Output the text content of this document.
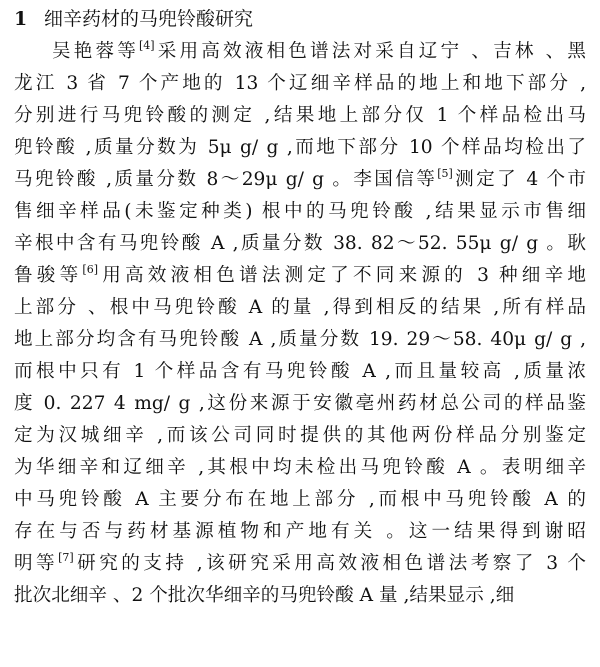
1 细辛药材的马兜铃酸研究
吴艳蓉等[4]采用高效液相色谱法对采自辽宁 、吉林 、黑
龙江 3 省 7 个产地的 13 个辽细辛样品的地上和地下部分 ,
分别进行马兜铃酸的测定 ,结果地上部分仅 1 个样品检出马
兜铃酸 ,质量分数为 5μ g/ g ,而地下部分 10 个样品均检出了
马兜铃酸 ,质量分数 8～29μ g/ g 。李国信等[5]测定了 4 个市
售细辛样品(未鉴定种类) 根中的马兜铃酸 ,结果显示市售细
辛根中含有马兜铃酸 A ,质量分数 38. 82～52. 55μ g/ g 。耿
鲁骏等[6]用高效液相色谱法测定了不同来源的 3 种细辛地
上部分 、根中马兜铃酸 A 的量 ,得到相反的结果 ,所有样品
地上部分均含有马兜铃酸 A ,质量分数 19. 29～58. 40μ g/ g ,
而根中只有 1 个样品含有马兜铃酸 A ,而且量较高 ,质量浓
度 0. 227 4 mg/ g ,这份来源于安徽亳州药材总公司的样品鉴
定为汉城细辛 ,而该公司同时提供的其他两份样品分别鉴定
为华细辛和辽细辛 ,其根中均未检出马兜铃酸 A 。表明细辛
中马兜铃酸 A 主要分布在地上部分 ,而根中马兜铃酸 A 的
存在与否与药材基源植物和产地有关 。这一结果得到谢昭
明等[7]研究的支持 ,该研究采用高效液相色谱法考察了 3 个
批次北细辛 、2 个批次华细辛的马兜铃酸 A 量 ,结果显示 ,细
